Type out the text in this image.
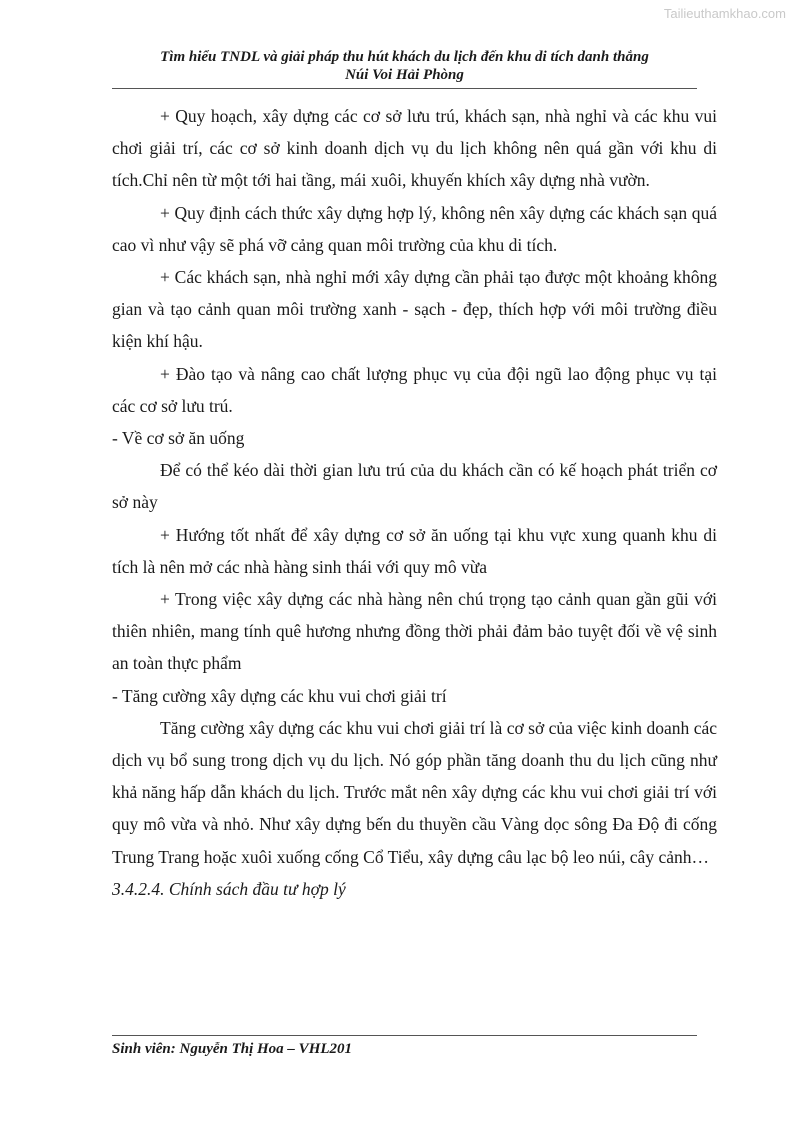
Tailieuthamkhao.com
Tìm hiểu TNDL và giải pháp thu hút khách du lịch đến khu di tích danh thắng
Núi Voi Hải Phòng

+ Quy hoạch, xây dựng các cơ sở lưu trú, khách sạn, nhà nghỉ và các khu vui chơi giải trí, các cơ sở kinh doanh dịch vụ du lịch không nên quá gần với khu di tích.Chỉ nên từ một tới hai tầng, mái xuôi, khuyến khích xây dựng nhà vườn.

+ Quy định cách thức xây dựng hợp lý, không nên xây dựng các khách sạn quá cao vì như vậy sẽ phá vỡ cảng quan môi trường của khu di tích.

+ Các khách sạn, nhà nghỉ mới xây dựng cần phải tạo được một khoảng không gian và tạo cảnh quan môi trường xanh - sạch - đẹp, thích hợp với môi trường điều kiện khí hậu.

+ Đào tạo và nâng cao chất lượng phục vụ của đội ngũ lao động phục vụ tại các cơ sở lưu trú.

- Về cơ sở ăn uống

Để có thể kéo dài thời gian lưu trú của du khách cần có kế hoạch phát triển cơ sở này

+ Hướng tốt nhất để xây dựng cơ sở ăn uống tại khu vực xung quanh khu di tích là nên mở các nhà hàng sinh thái với quy mô vừa

+ Trong việc xây dựng các nhà hàng nên chú trọng tạo cảnh quan gần gũi với thiên nhiên, mang tính quê hương nhưng đồng thời phải đảm bảo tuyệt đối về vệ sinh an toàn thực phẩm

- Tăng cường xây dựng các khu vui chơi giải trí

Tăng cường xây dựng các khu vui chơi giải trí là cơ sở của việc kinh doanh các dịch vụ bổ sung trong dịch vụ du lịch. Nó góp phần tăng doanh thu du lịch cũng như khả năng hấp dẫn khách du lịch. Trước mắt nên xây dựng các khu vui chơi giải trí với quy mô vừa và nhỏ. Như xây dựng bến du thuyền cầu Vàng dọc sông Đa Độ đi cống Trung Trang hoặc xuôi xuống cống Cổ Tiểu, xây dựng câu lạc bộ leo núi, cây cảnh…

3.4.2.4. Chính sách đầu tư hợp lý

Sinh viên: Nguyễn Thị Hoa – VHL201
